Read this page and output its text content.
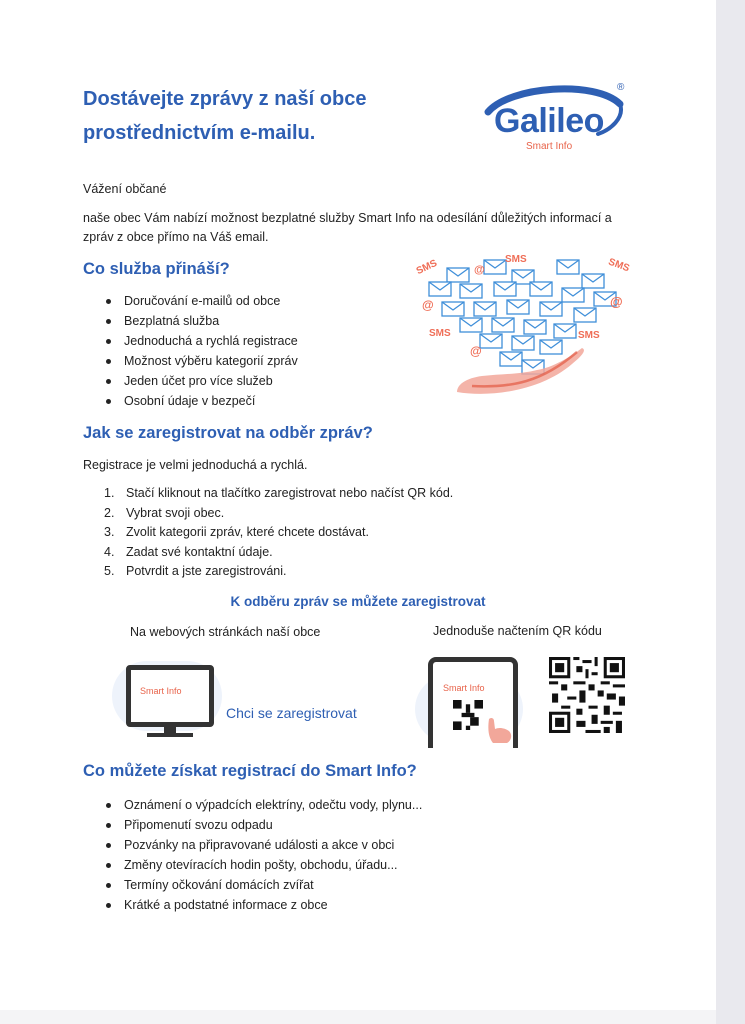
Dostávejte zprávy z naší obce
prostřednictvím e-mailu.	Galileo
®
Smart Info
Vážení občané
naše obec Vám nabízí možnost bezplatné služby Smart Info na odesílání důležitých informací a zpráv z obce přímo na Váš email.
Co služba přináší?
Doručování e-mailů od obce
Bezplatná služba
Jednoduchá a rychlá registrace
Možnost výběru kategorií zpráv
Jeden účet pro více služeb
Osobní údaje v bezpečí
SMS	SMS	SMS
SMS	SMS
@
@	@
@
Jak se zaregistrovat na odběr zpráv?
Registrace je velmi jednoduchá a rychlá.
1. Stačí kliknout na tlačítko zaregistrovat nebo načíst QR kód.
2. Vybrat svoji obec.
3. Zvolit kategorii zpráv, které chcete dostávat.
4. Zadat své kontaktní údaje.
5. Potvrdit a jste zaregistrováni.
K odběru zpráv se můžete zaregistrovat
Na webových stránkách naší obce	Jednoduše načtením QR kódu
Smart Info
Chci se zaregistrovat
Smart Info
Co můžete získat registrací do Smart Info?
Oznámení o výpadcích elektríny, odečtu vody, plynu...
Připomenutí svozu odpadu
Pozvánky na připravované události a akce v obci
Změny otevíracích hodin pošty, obchodu, úřadu...
Termíny očkování domácích zvířat
Krátké a podstatné informace z obce
